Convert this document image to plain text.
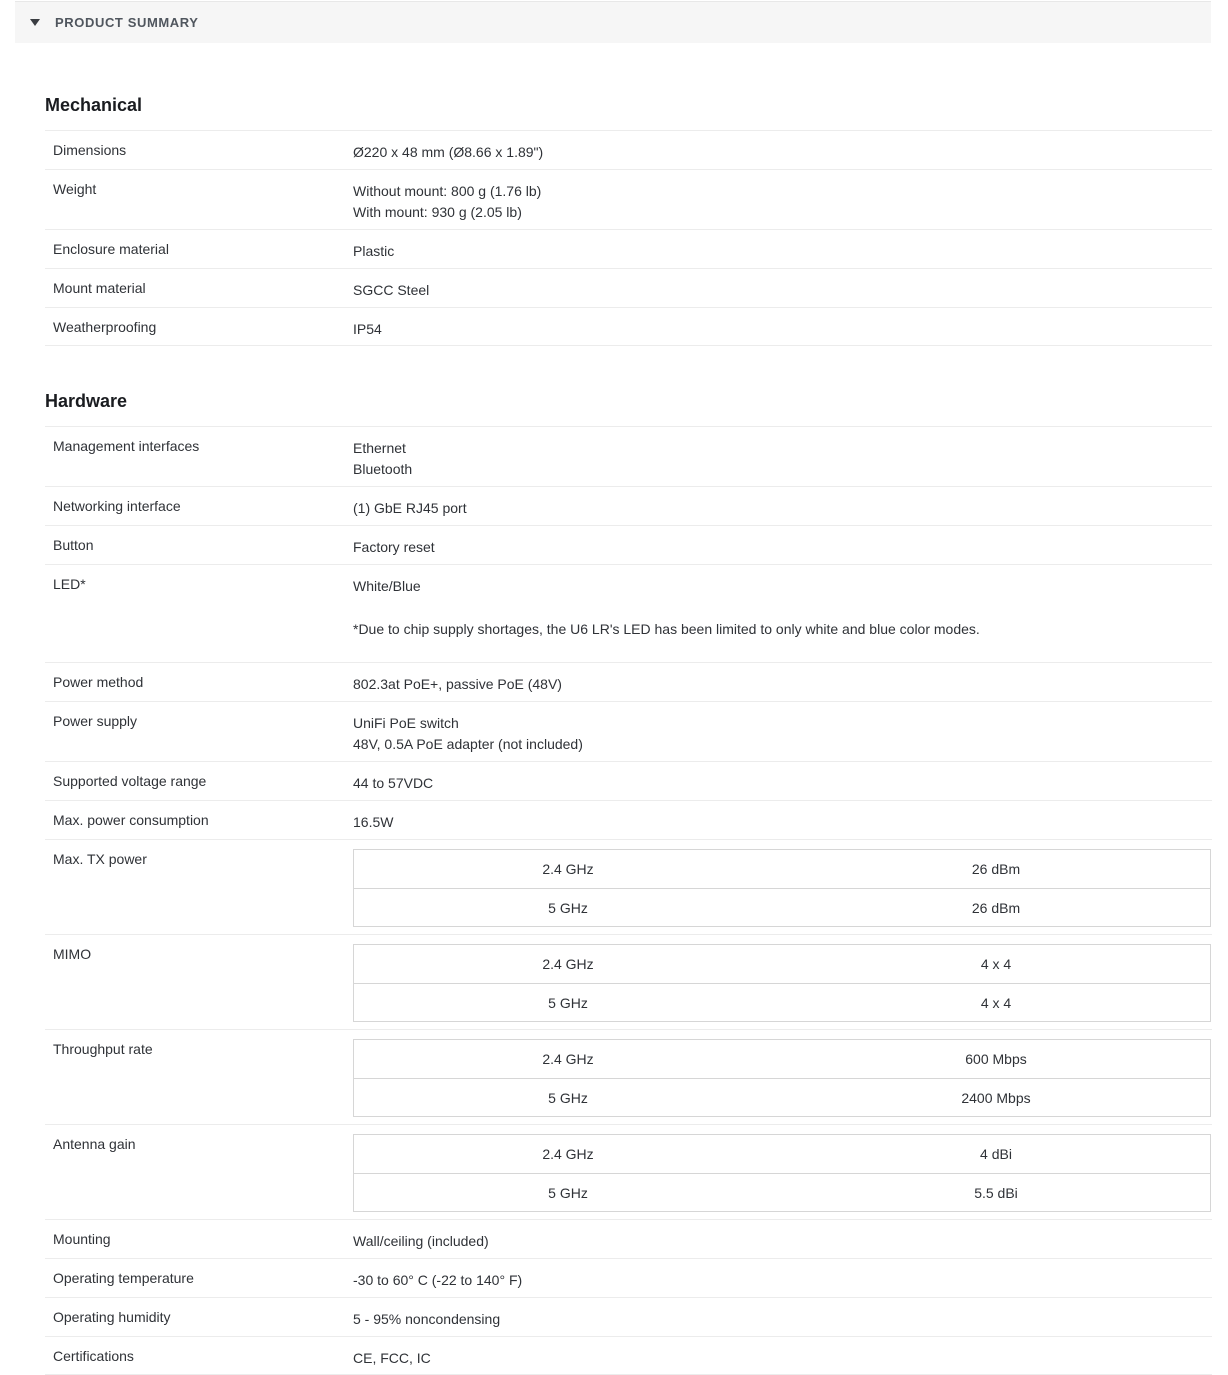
PRODUCT SUMMARY
Mechanical
Dimensions	Ø220 x 48 mm (Ø8.66 x 1.89")
Weight	Without mount: 800 g (1.76 lb)
With mount: 930 g (2.05 lb)
Enclosure material	Plastic
Mount material	SGCC Steel
Weatherproofing	IP54
Hardware
Management interfaces	Ethernet
Bluetooth
Networking interface	(1) GbE RJ45 port
Button	Factory reset
LED*	White/Blue
*Due to chip supply shortages, the U6 LR's LED has been limited to only white and blue color modes.
Power method	802.3at PoE+, passive PoE (48V)
Power supply	UniFi PoE switch
48V, 0.5A PoE adapter (not included)
Supported voltage range	44 to 57VDC
Max. power consumption	16.5W
Max. TX power
2.4 GHz	26 dBm
5 GHz	26 dBm
MIMO
2.4 GHz	4 x 4
5 GHz	4 x 4
Throughput rate
2.4 GHz	600 Mbps
5 GHz	2400 Mbps
Antenna gain
2.4 GHz	4 dBi
5 GHz	5.5 dBi
Mounting	Wall/ceiling (included)
Operating temperature	-30 to 60° C (-22 to 140° F)
Operating humidity	5 - 95% noncondensing
Certifications	CE, FCC, IC
